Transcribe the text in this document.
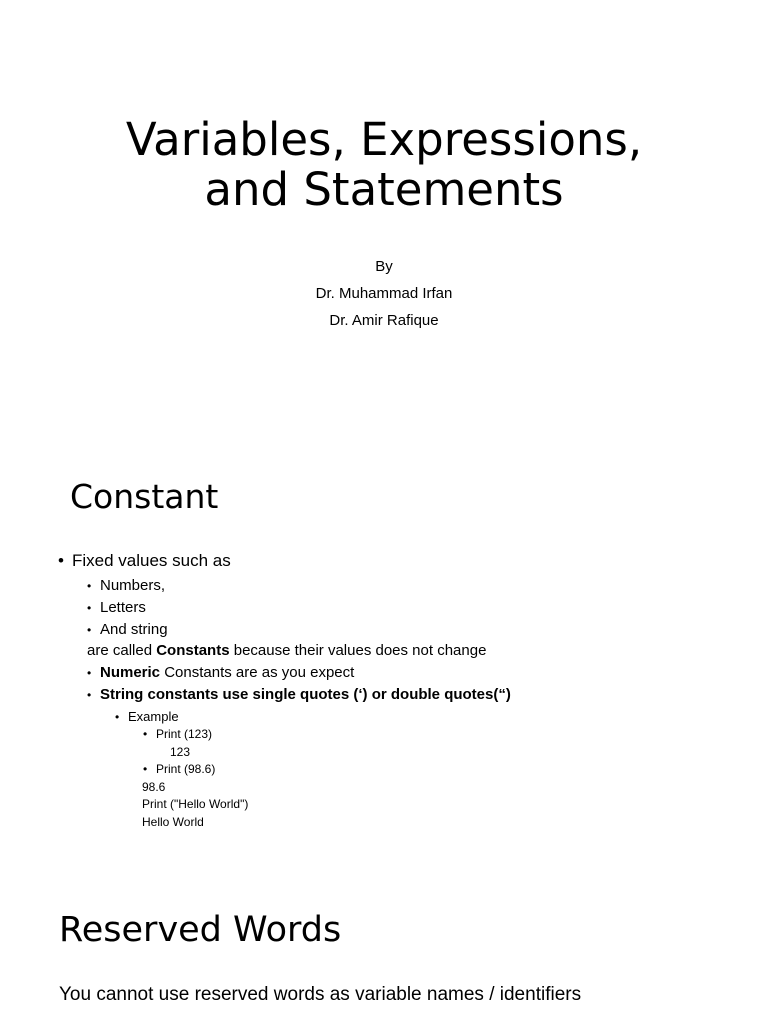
Variables, Expressions,
and Statements
By
Dr. Muhammad Irfan
Dr. Amir Rafique
Constant
• Fixed values such as
• Numbers,
• Letters
• And string
are called Constants because their values does not change
• Numeric Constants are as you expect
• String constants use single quotes (‘) or double quotes(“)
• Example
• Print (123)
123
• Print (98.6)
98.6
Print ("Hello World")
Hello World
Reserved Words
You cannot use reserved words as variable names / identifiers
